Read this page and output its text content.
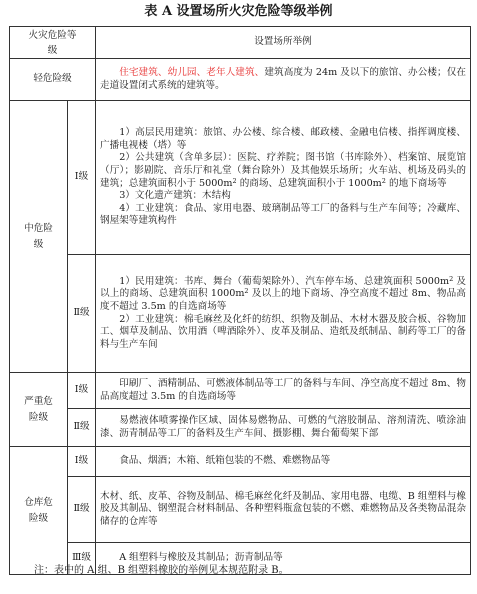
表 A 设置场所火灾危险等级举例
火灾危险等级		设置场所举例
轻危险级		住宅建筑、幼儿园、老年人建筑、建筑高度为 24m 及以下的旅馆、办公楼；仅在走道设置闭式系统的建筑等。

中危险级	Ⅰ级	1）高层民用建筑：旅馆、办公楼、综合楼、邮政楼、金融电信楼、指挥调度楼、广播电视楼（塔）等

2）公共建筑（含单多层）：医院、疗养院；图书馆（书库除外）、档案馆、展览馆（厅）；影剧院、音乐厅和礼堂（舞台除外）及其他娱乐场所；火车站、机场及码头的建筑；总建筑面积小于 $5000m^2$ 的商场、总建筑面积小于 $1000m^2$ 的地下商场等

3）文化遗产建筑：木结构

4）工业建筑：食品、家用电器、玻璃制品等工厂的备料与生产车间等；冷藏库、钢屋架等建筑构件

	Ⅱ级	1）民用建筑：书库、舞台（葡萄架除外）、汽车停车场、总建筑面积 $5000m^2$ 及以上的商场、总建筑面积 $1000m^2$ 及以上的地下商场、净空高度不超过 8m、物品高度不超过 3.5m 的自选商场等

2）工业建筑：棉毛麻丝及化纤的纺织、织物及制品、木材木器及胶合板、谷物加工、烟草及制品、饮用酒（啤酒除外）、皮革及制品、造纸及纸制品、制药等工厂的备料与生产车间

严重危险级	Ⅰ级	印刷厂、酒精制品、可燃液体制品等工厂的备料与车间、净空高度不超过 8m、物品高度超过 3.5m 的自选商场等

	Ⅱ级	易燃液体喷雾操作区域、固体易燃物品、可燃的气溶胶制品、溶剂清洗、喷涂油漆、沥青制品等工厂的备料及生产车间、摄影棚、舞台葡萄架下部

仓库危险级	Ⅰ级	食品、烟酒；木箱、纸箱包装的不燃、难燃物品等

	Ⅱ级	木材、纸、皮革、谷物及制品、棉毛麻丝化纤及制品、家用电器、电缆、B 组塑料与橡胶及其制品、钢塑混合材料制品、各种塑料瓶盒包装的不燃、难燃物品及各类物品混杂储存的仓库等

	Ⅲ级	A 组塑料与橡胶及其制品；沥青制品等

注：表中的 A 组、B 组塑料橡胶的举例见本规范附录 B。
